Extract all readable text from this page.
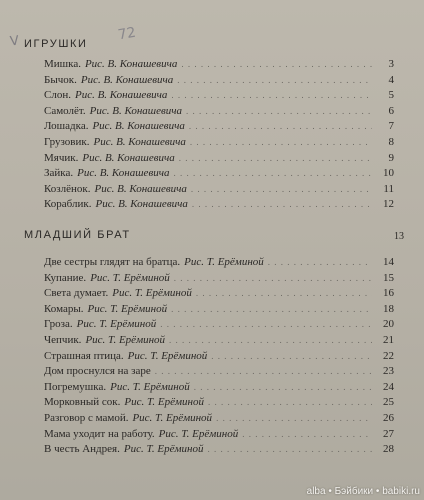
V	72
ИГРУШКИ
Мишка. Рис. В. Конашевича . . .	3
Бычок. Рис. В. Конашевича . . .	4
Слон. Рис. В. Конашевича . . .	5
Самолёт. Рис. В. Конашевича . . .	6
Лошадка. Рис. В. Конашевича . . .	7
Грузовик. Рис. В. Конашевича . . .	8
Мячик. Рис. В. Конашевича . . .	9
Зайка. Рис. В. Конашевича . . .	10
Козлёнок. Рис. В. Конашевича . . .	11
Кораблик. Рис. В. Конашевича . . .	12
МЛАДШИЙ БРАТ	13
Две сестры глядят на братца. Рис. Т. Ерёминой . . .	14
Купание. Рис. Т. Ерёминой . . .	15
Света думает. Рис. Т. Ерёминой . . .	16
Комары. Рис. Т. Ерёминой . . .	18
Гроза. Рис. Т. Ерёминой . . .	20
Чепчик. Рис. Т. Ерёминой . . .	21
Страшная птица. Рис. Т. Ерёминой . . .	22
Дом проснулся на заре . . .	23
Погремушка. Рис. Т. Ерёминой . . .	24
Морковный сок. Рис. Т. Ерёминой . . .	25
Разговор с мамой. Рис. Т. Ерёминой . . .	26
Мама уходит на работу. Рис. Т. Ерёминой . . .	27
В честь Андрея. Рис. Т. Ерёминой . . .	28
alba • Бэйбики • babiki.ru
